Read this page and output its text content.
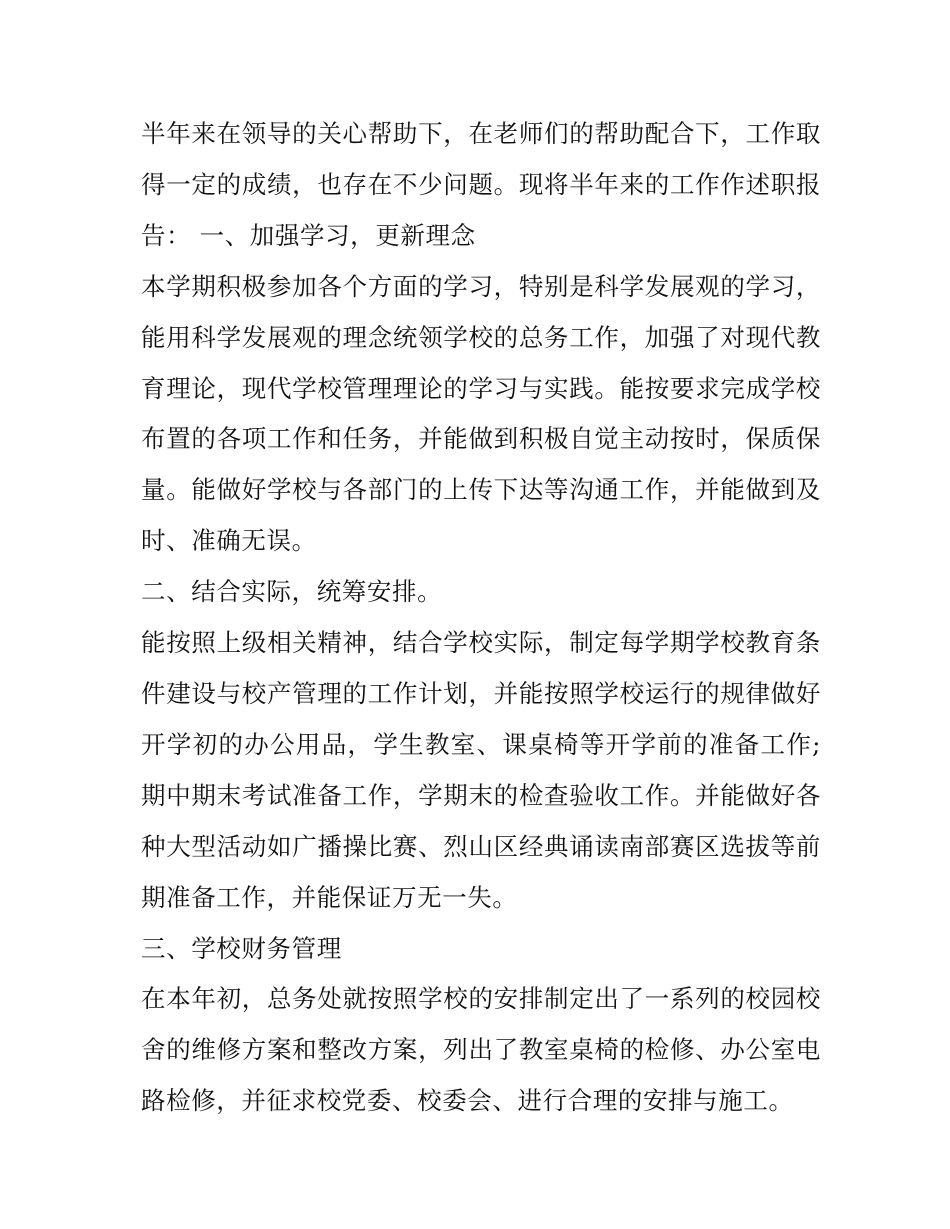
半年来在领导的关心帮助下，在老师们的帮助配合下，工作取得一定的成绩，也存在不少问题。现将半年来的工作作述职报告： 一、加强学习，更新理念

本学期积极参加各个方面的学习，特别是科学发展观的学习，能用科学发展观的理念统领学校的总务工作，加强了对现代教育理论，现代学校管理理论的学习与实践。能按要求完成学校布置的各项工作和任务，并能做到积极自觉主动按时，保质保量。能做好学校与各部门的上传下达等沟通工作，并能做到及时、准确无误。

二、结合实际，统筹安排。

能按照上级相关精神，结合学校实际，制定每学期学校教育条件建设与校产管理的工作计划，并能按照学校运行的规律做好开学初的办公用品，学生教室、课桌椅等开学前的准备工作;期中期末考试准备工作，学期末的检查验收工作。并能做好各种大型活动如广播操比赛、烈山区经典诵读南部赛区选拔等前期准备工作，并能保证万无一失。

三、学校财务管理

在本年初，总务处就按照学校的安排制定出了一系列的校园校舍的维修方案和整改方案，列出了教室桌椅的检修、办公室电路检修，并征求校党委、校委会、进行合理的安排与施工。
